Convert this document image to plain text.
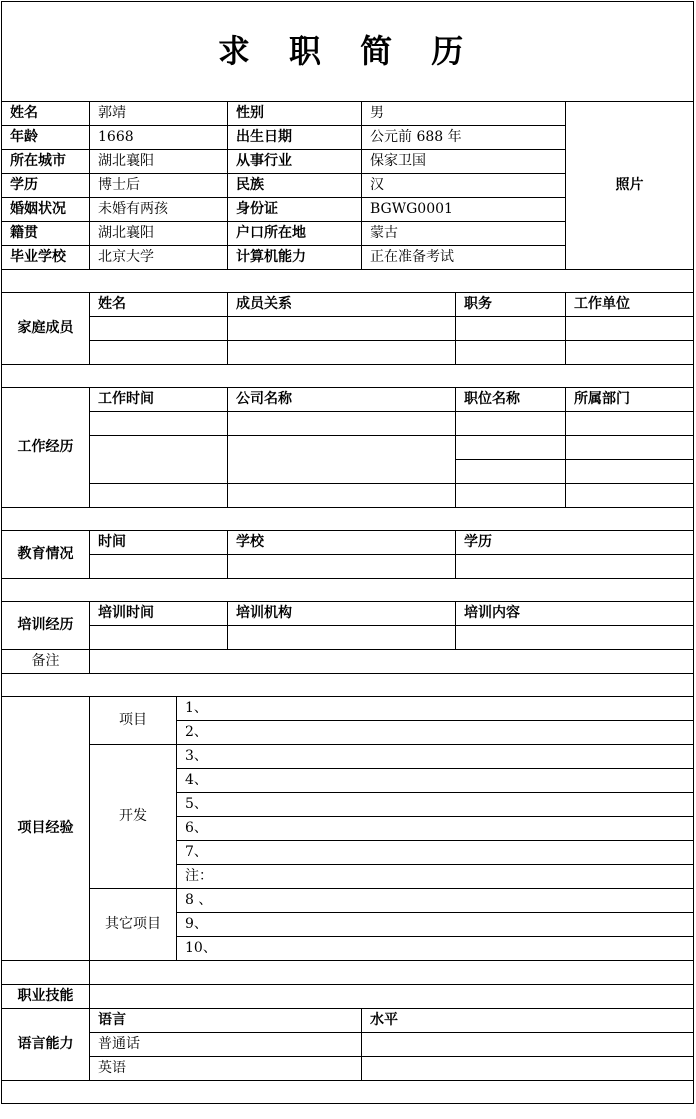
求 职 简 历						
姓名	郭靖		性别	男		照片
年龄	1668		出生日期	公元前 688 年		
所在城市	湖北襄阳		从事行业	保家卫国		
学历	博士后		民族	汉		
婚姻状况	未婚有两孩		身份证	BGWG0001		
籍贯	湖北襄阳		户口所在地	蒙古		
毕业学校	北京大学		计算机能力	正在准备考试		

家庭成员	姓名		成员关系		职务	工作单位

工作经历	工作时间		公司名称		职位名称	所属部门

教育情况	时间		学校		学历	

培训经历	培训时间		培训机构		培训内容	

备注						

项目经验	项目	1、				
		2、				
	开发	3、				
		4、				
		5、				
		6、				
		7、				
		注：				
	其它项目	8 、				
		9、				
		10、				

职业技能						
语言能力	语言			水平		
	普通话					
	英语					
